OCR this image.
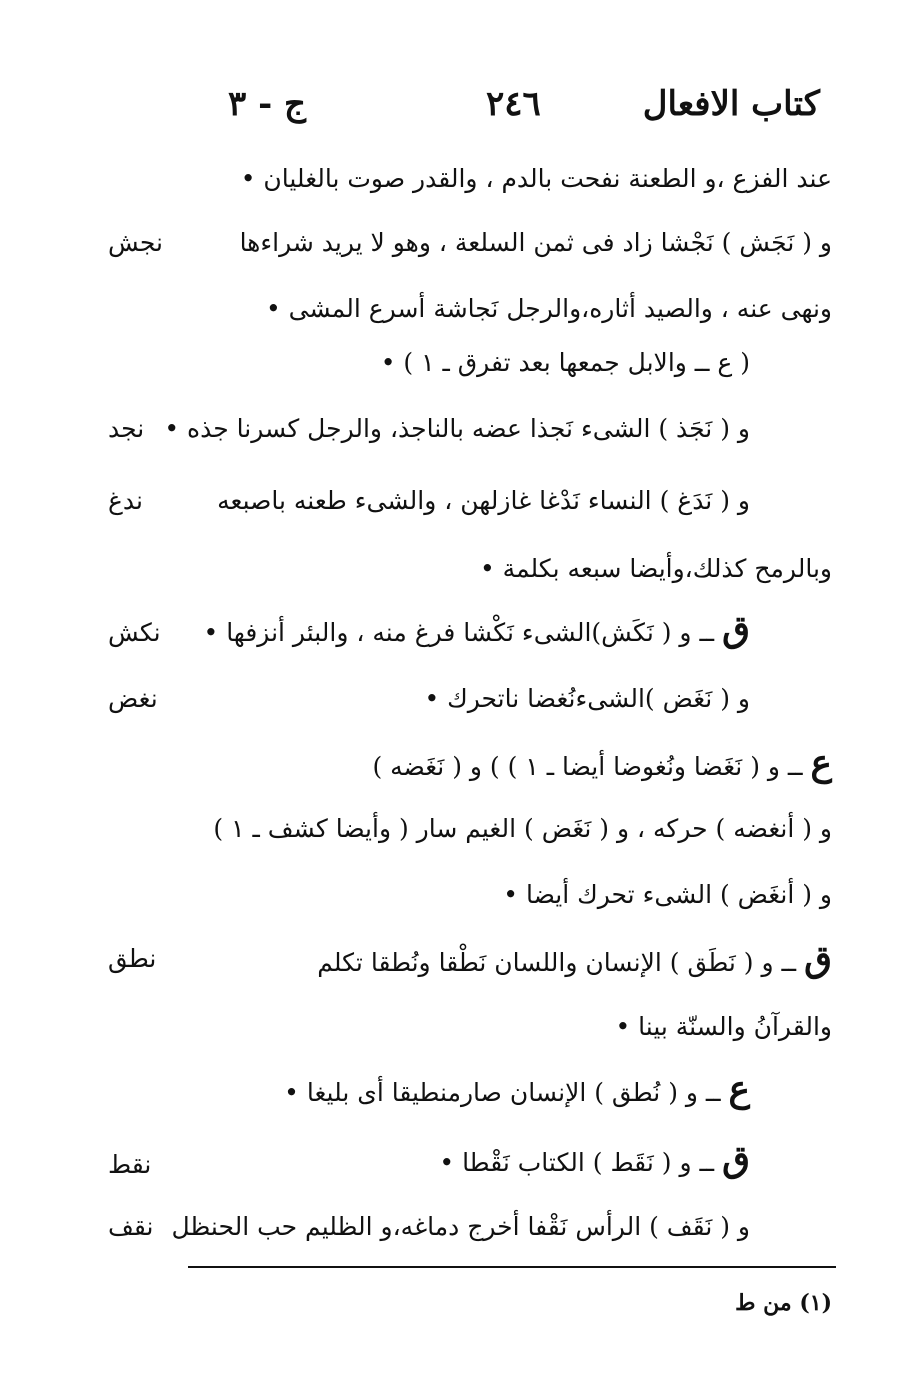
كتاب الافعال
٢٤٦
ج - ٣
عند الفزع ،و الطعنة نفحت بالدم ، والقدر صوت بالغليان •
نجش	و ( نَجَش ) نَجْشا زاد فى ثمن السلعة ، وهو لا يريد شراءها
ونهى عنه ، والصيد أثاره،والرجل نَجاشة أسرع المشى •
( ع ــ والابل جمعها بعد تفرق ـ ١ ) •
نجد و ( نَجَذ ) الشىء نَجذا عضه بالناجذ، والرجل كسرنا جذه •
ندغ	و ( نَدَغ ) النساء نَدْغا غازلهن ، والشىء طعنه باصبعه
وبالرمح كذلك،وأيضا سبعه بكلمة •
نكش	ق ــ و ( نَكَش)الشىء نَكْشا فرغ منه ، والبئر أنزفها •
نغض	و ( نَغَض )الشىءنُغضا ناتحرك •
ع ــ و ( نَغَضا ونُغوضا أيضا ـ ١ ) ) و ( نَغَضه )
و ( أنغضه ) حركه ، و ( نَغَض ) الغيم سار ( وأيضا كشف ـ ١ )
و ( أنغَض ) الشىء تحرك أيضا •
نطق	ق ــ و ( نَطَق ) الإنسان واللسان نَطْقا ونُطقا تكلم
والقرآنُ والسنّة بينا •
ع ــ و ( نُطق ) الإنسان صارمنطيقا أى بليغا •
نقط	ق ــ و ( نَقَط ) الكتاب نَقْطا •
نقف و ( نَقَف ) الرأس نَقْفا أخرج دماغه،و الظليم حب الحنظل
(١) من ط
